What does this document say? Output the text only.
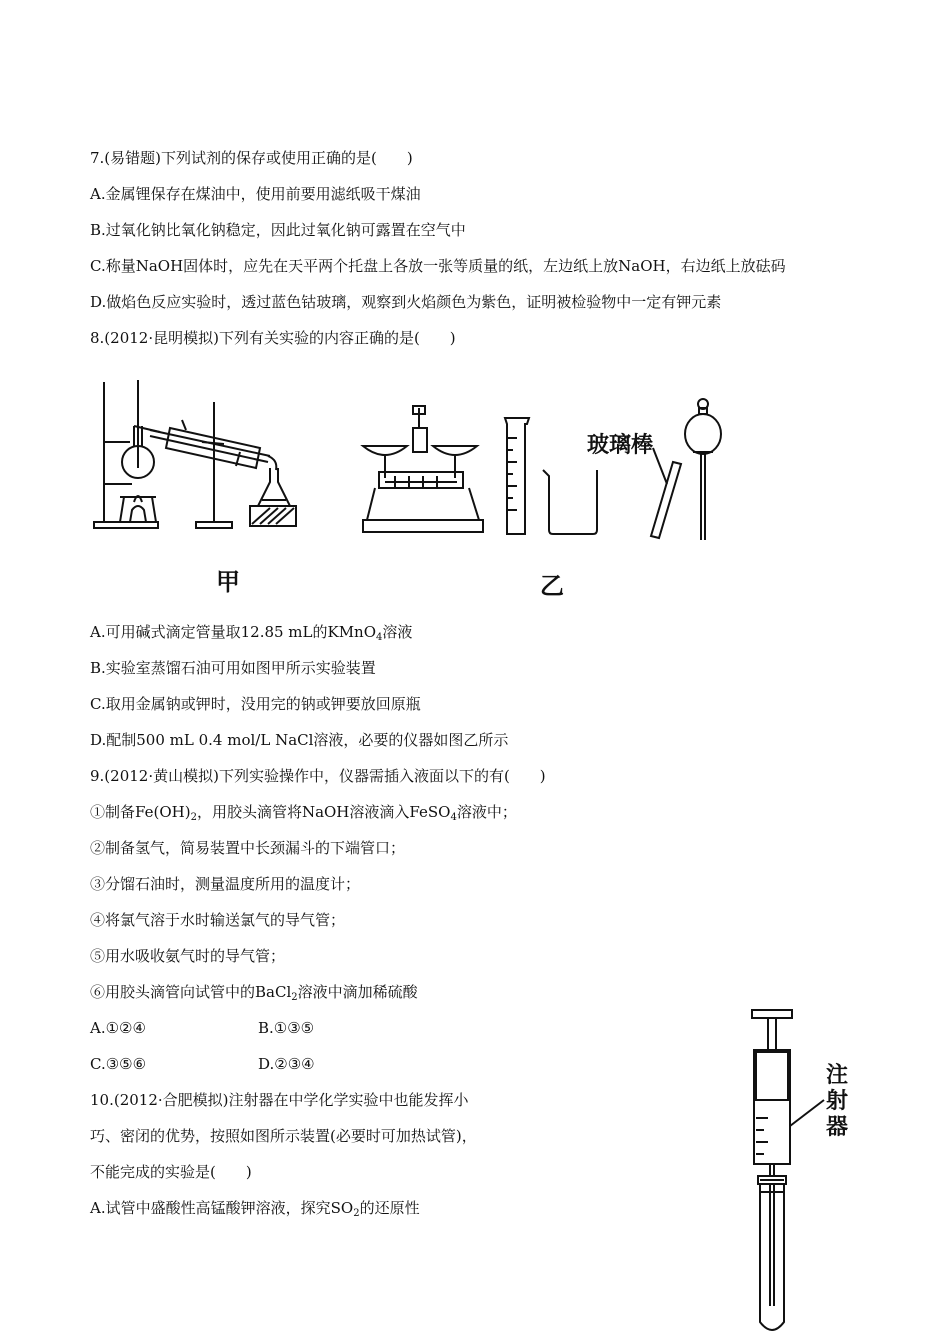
7.(易错题)下列试剂的保存或使用正确的是(　　)
A.金属锂保存在煤油中，使用前要用滤纸吸干煤油
B.过氧化钠比氧化钠稳定，因此过氧化钠可露置在空气中
C.称量NaOH固体时，应先在天平两个托盘上各放一张等质量的纸，左边纸上放NaOH，右边纸上放砝码
D.做焰色反应实验时，透过蓝色钴玻璃，观察到火焰颜色为紫色，证明被检验物中一定有钾元素
8.(2012·昆明模拟)下列有关实验的内容正确的是(　　)
甲
玻璃棒
乙
A.可用碱式滴定管量取12.85 mL的KMnO$_4$溶液
B.实验室蒸馏石油可用如图甲所示实验装置
C.取用金属钠或钾时，没用完的钠或钾要放回原瓶
D.配制500 mL 0.4 mol/L NaCl溶液，必要的仪器如图乙所示
9.(2012·黄山模拟)下列实验操作中，仪器需插入液面以下的有(　　)
①制备$Fe(OH)_2$，用胶头滴管将NaOH溶液滴入FeSO$_4$溶液中；
②制备氢气，简易装置中长颈漏斗的下端管口；
③分馏石油时，测量温度所用的温度计；
④将氯气溶于水时输送氯气的导气管；
⑤用水吸收氨气时的导气管；
⑥用胶头滴管向试管中的BaCl$_2$溶液中滴加稀硫酸
A.①②④	B.①③⑤
C.③⑤⑥	D.②③④
10.(2012·合肥模拟)注射器在中学化学实验中也能发挥小
巧、密闭的优势，按照如图所示装置(必要时可加热试管)，
不能完成的实验是(　　)
A.试管中盛酸性高锰酸钾溶液，探究$SO_2$的还原性
注
射
器
